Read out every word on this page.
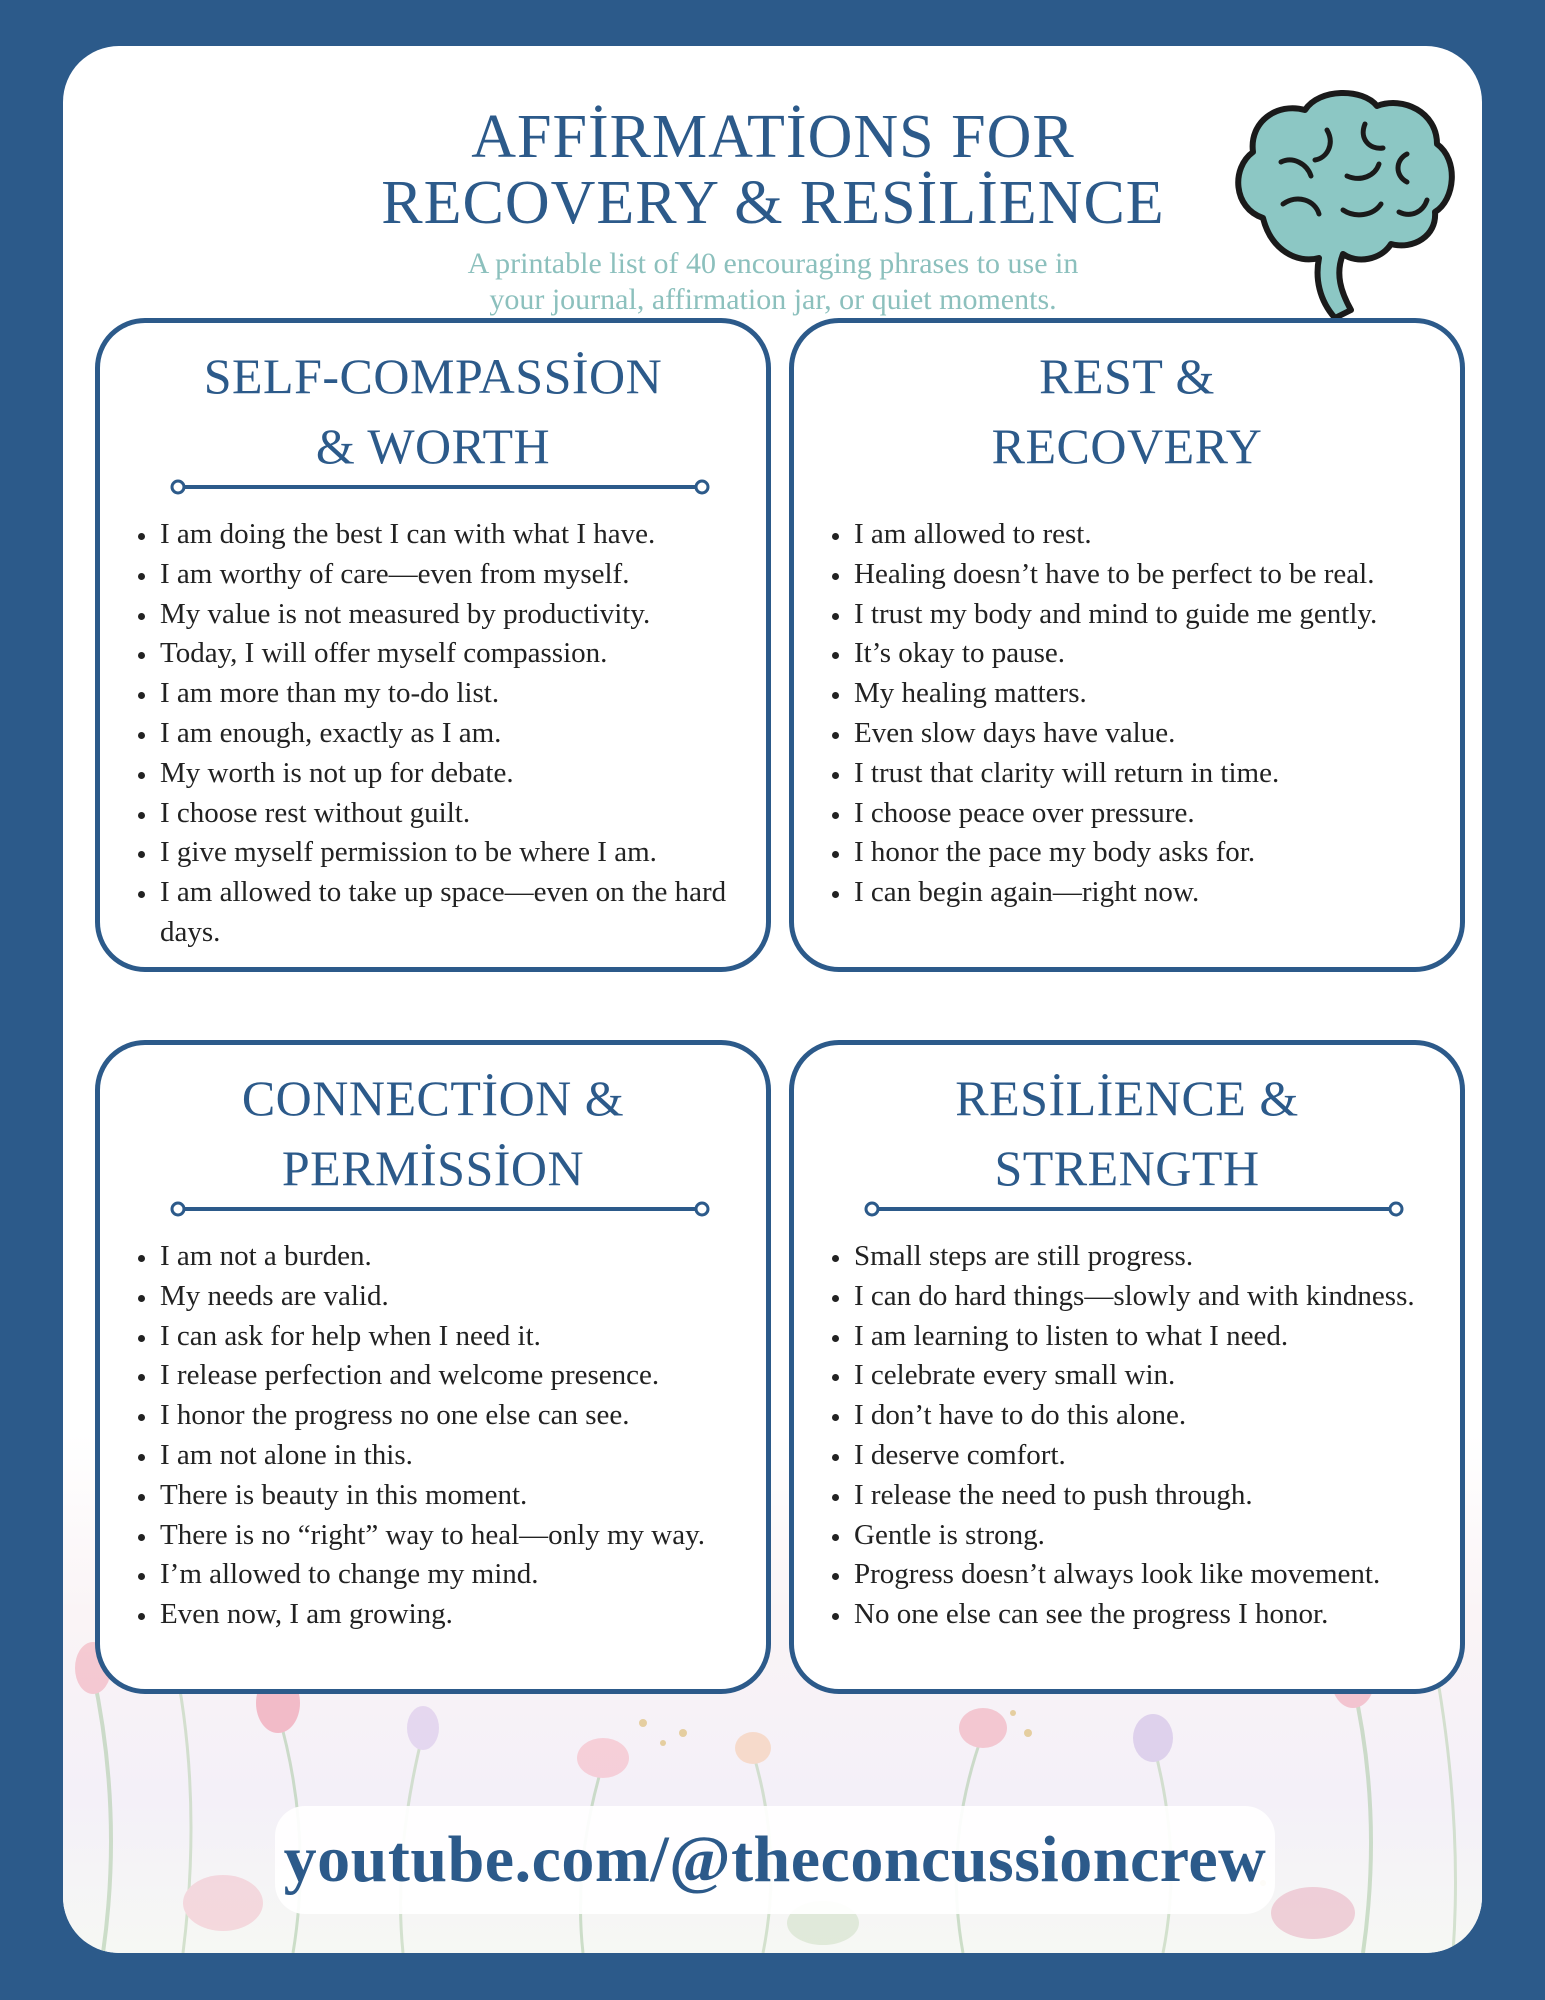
AFFİRMATİONS FOR
RECOVERY & RESİLİENCE

A printable list of 40 encouraging phrases to use in

your journal, affirmation jar, or quiet moments.

SELF-COMPASSİON
& WORTH
• I am doing the best I can with what I have.
• I am worthy of care—even from myself.
• My value is not measured by productivity.
• Today, I will offer myself compassion.
• I am more than my to-do list.
• I am enough, exactly as I am.
• My worth is not up for debate.
• I choose rest without guilt.
• I give myself permission to be where I am.
• I am allowed to take up space—even on the hard days.
REST &
RECOVERY
• I am allowed to rest.
• Healing doesn’t have to be perfect to be real.
• I trust my body and mind to guide me gently.
• It’s okay to pause.
• My healing matters.
• Even slow days have value.
• I trust that clarity will return in time.
• I choose peace over pressure.
• I honor the pace my body asks for.
• I can begin again—right now.
CONNECTİON &
PERMİSSİON
• I am not a burden.
• My needs are valid.
• I can ask for help when I need it.
• I release perfection and welcome presence.
• I honor the progress no one else can see.
• I am not alone in this.
• There is beauty in this moment.
• There is no “right” way to heal—only my way.
• I’m allowed to change my mind.
• Even now, I am growing.
RESİLİENCE &
STRENGTH
• Small steps are still progress.
• I can do hard things—slowly and with kindness.
• I am learning to listen to what I need.
• I celebrate every small win.
• I don’t have to do this alone.
• I deserve comfort.
• I release the need to push through.
• Gentle is strong.
• Progress doesn’t always look like movement.
• No one else can see the progress I honor.

youtube.com/@theconcussioncrew
